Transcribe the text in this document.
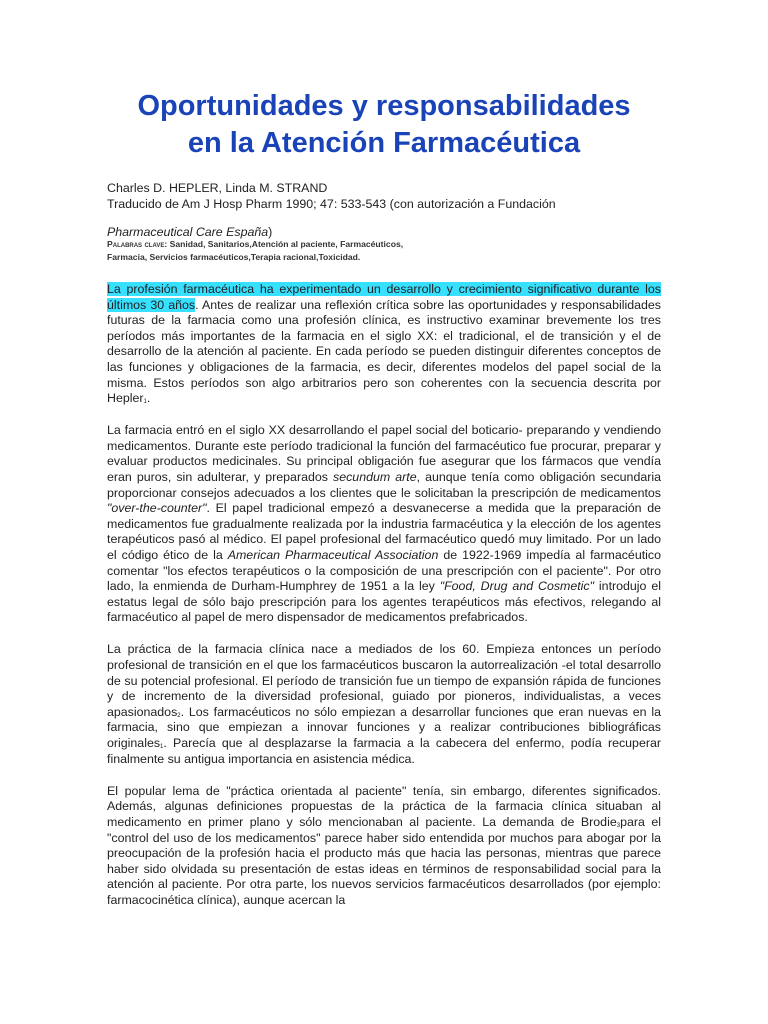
Oportunidades y responsabilidades
en la Atención Farmacéutica

Charles D. HEPLER, Linda M. STRAND

Traducido de Am J Hosp Pharm 1990; 47: 533-543 (con autorización a Fundación

Pharmaceutical Care España)

Palabras clave: Sanidad, Sanitarios,Atención al paciente, Farmacéuticos,

Farmacia, Servicios farmacéuticos,Terapia racional,Toxicidad.

La profesión farmacéutica ha experimentado un desarrollo y crecimiento significativo durante los últimos 30 años. Antes de realizar una reflexión crítica sobre las oportunidades y responsabilidades futuras de la farmacia como una profesión clínica, es instructivo examinar brevemente los tres períodos más importantes de la farmacia en el siglo XX: el tradicional, el de transición y el de desarrollo de la atención al paciente. En cada período se pueden distinguir diferentes conceptos de las funciones y obligaciones de la farmacia, es decir, diferentes modelos del papel social de la misma. Estos períodos son algo arbitrarios pero son coherentes con la secuencia descrita por Hepler$_1$.

La farmacia entró en el siglo XX desarrollando el papel social del boticario- preparando y vendiendo medicamentos. Durante este período tradicional la función del farmacéutico fue procurar, preparar y evaluar productos medicinales. Su principal obligación fue asegurar que los fármacos que vendía eran puros, sin adulterar, y preparados secundum arte, aunque tenía como obligación secundaria proporcionar consejos adecuados a los clientes que le solicitaban la prescripción de medicamentos "over-the-counter". El papel tradicional empezó a desvanecerse a medida que la preparación de medicamentos fue gradualmente realizada por la industria farmacéutica y la elección de los agentes terapéuticos pasó al médico. El papel profesional del farmacéutico quedó muy limitado. Por un lado el código ético de la American Pharmaceutical Association de 1922-1969 impedía al farmacéutico comentar "los efectos terapéuticos o la composición de una prescripción con el paciente". Por otro lado, la enmienda de Durham-Humphrey de 1951 a la ley "Food, Drug and Cosmetic" introdujo el estatus legal de sólo bajo prescripción para los agentes terapéuticos más efectivos, relegando al farmacéutico al papel de mero dispensador de medicamentos prefabricados.

La práctica de la farmacia clínica nace a mediados de los 60. Empieza entonces un período profesional de transición en el que los farmacéuticos buscaron la autorrealización -el total desarrollo de su potencial profesional. El período de transición fue un tiempo de expansión rápida de funciones y de incremento de la diversidad profesional, guiado por pioneros, individualistas, a veces apasionados$_2$. Los farmacéuticos no sólo empiezan a desarrollar funciones que eran nuevas en la farmacia, sino que empiezan a innovar funciones y a realizar contribuciones bibliográficas originales$_1$. Parecía que al desplazarse la farmacia a la cabecera del enfermo, podía recuperar finalmente su antigua importancia en asistencia médica.

El popular lema de "práctica orientada al paciente" tenía, sin embargo, diferentes significados. Además, algunas definiciones propuestas de la práctica de la farmacia clínica situaban al medicamento en primer plano y sólo mencionaban al paciente. La demanda de Brodie$_3$para el "control del uso de los medicamentos" parece haber sido entendida por muchos para abogar por la preocupación de la profesión hacia el producto más que hacia las personas, mientras que parece haber sido olvidada su presentación de estas ideas en términos de responsabilidad social para la atención al paciente. Por otra parte, los nuevos servicios farmacéuticos desarrollados (por ejemplo: farmacocinética clínica), aunque acercan la
